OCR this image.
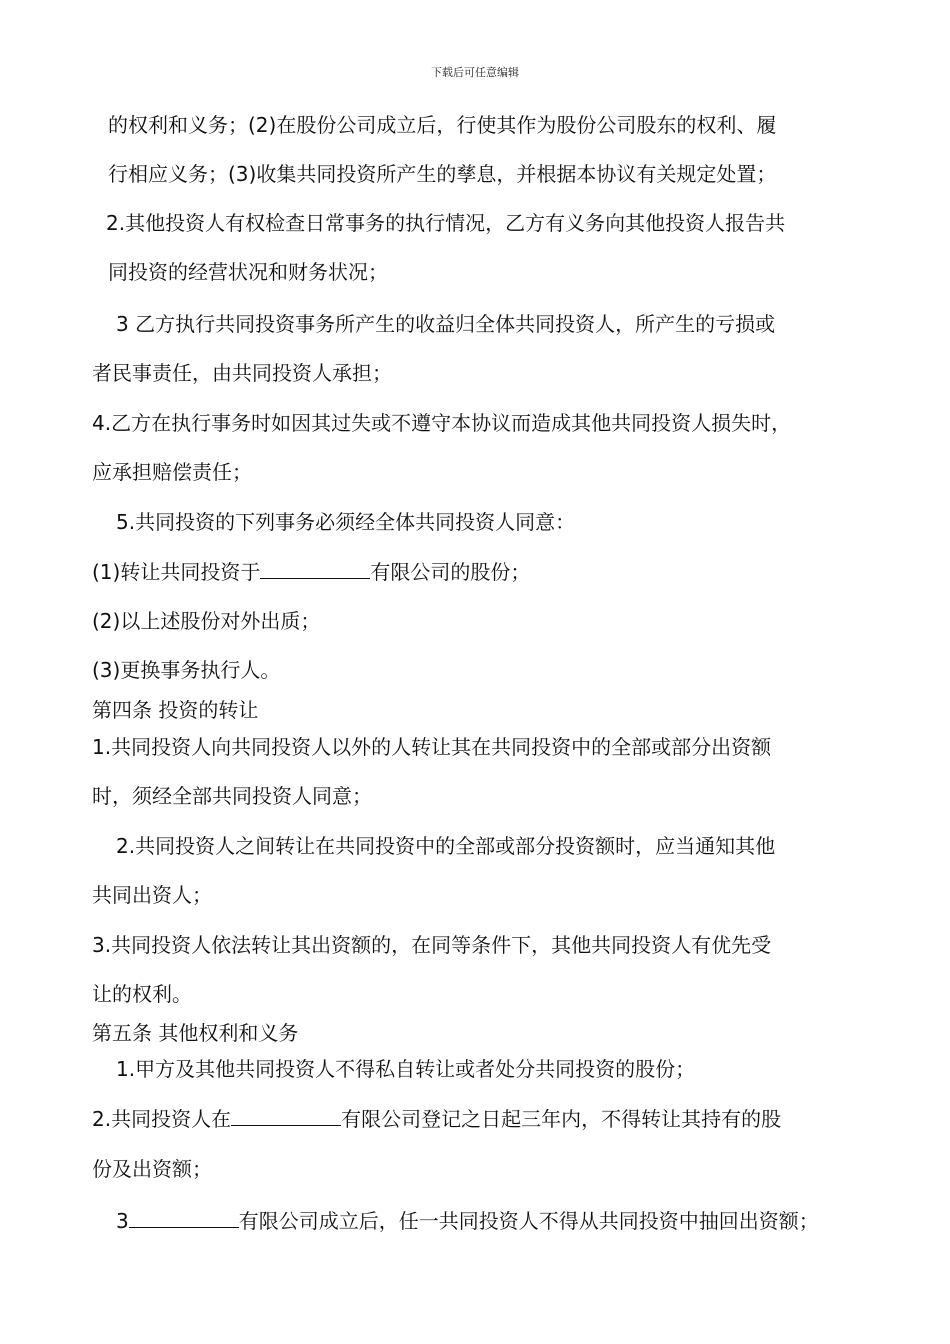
下载后可任意编辑
的权利和义务；(2)在股份公司成立后，行使其作为股份公司股东的权利、履
行相应义务；(3)收集共同投资所产生的孳息，并根据本协议有关规定处置；
2.其他投资人有权检查日常事务的执行情况，乙方有义务向其他投资人报告共
同投资的经营状况和财务状况；
3 乙方执行共同投资事务所产生的收益归全体共同投资人，所产生的亏损或
者民事责任，由共同投资人承担；
4.乙方在执行事务时如因其过失或不遵守本协议而造成其他共同投资人损失时，
应承担赔偿责任；
5.共同投资的下列事务必须经全体共同投资人同意：
(1)转让共同投资于	有限公司的股份；
(2)以上述股份对外出质；
(3)更换事务执行人。
第四条 投资的转让
1.共同投资人向共同投资人以外的人转让其在共同投资中的全部或部分出资额
时，须经全部共同投资人同意；
2.共同投资人之间转让在共同投资中的全部或部分投资额时，应当通知其他
共同出资人；
3.共同投资人依法转让其出资额的，在同等条件下，其他共同投资人有优先受
让的权利。
第五条 其他权利和义务
1.甲方及其他共同投资人不得私自转让或者处分共同投资的股份；
2.共同投资人在	有限公司登记之日起三年内，不得转让其持有的股
份及出资额；
3	有限公司成立后，任一共同投资人不得从共同投资中抽回出资额；
